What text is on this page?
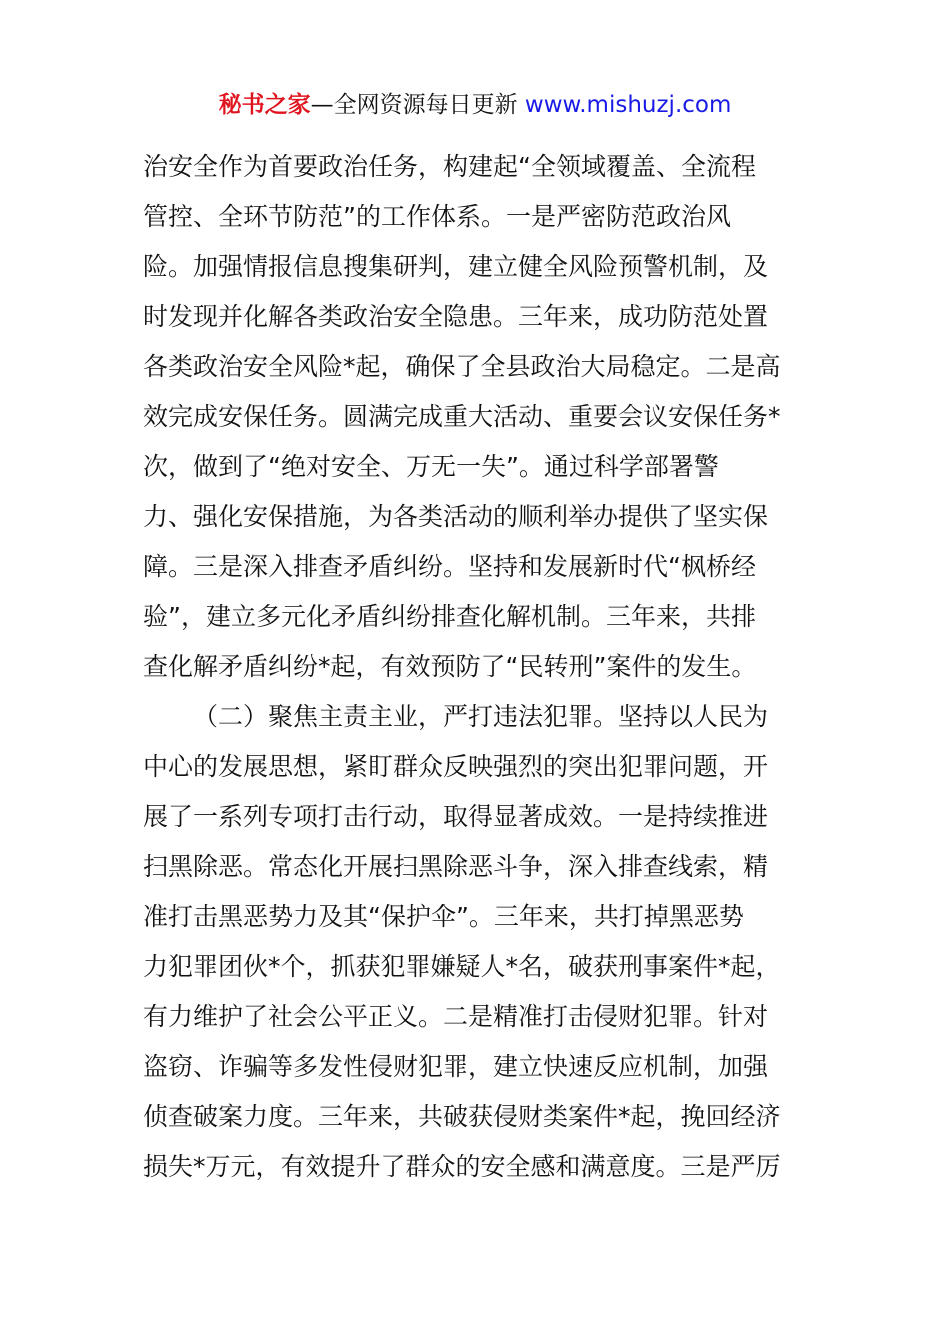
秘书之家—全网资源每日更新 www.mishuzj.com
治安全作为首要政治任务，构建起“全领域覆盖、全流程
管控、全环节防范”的工作体系。一是严密防范政治风
险。加强情报信息搜集研判，建立健全风险预警机制，及
时发现并化解各类政治安全隐患。三年来，成功防范处置
各类政治安全风险*起，确保了全县政治大局稳定。二是高
效完成安保任务。圆满完成重大活动、重要会议安保任务*
次，做到了“绝对安全、万无一失”。通过科学部署警
力、强化安保措施，为各类活动的顺利举办提供了坚实保
障。三是深入排查矛盾纠纷。坚持和发展新时代“枫桥经
验”，建立多元化矛盾纠纷排查化解机制。三年来，共排
查化解矛盾纠纷*起，有效预防了“民转刑”案件的发生。
（二）聚焦主责主业，严打违法犯罪。坚持以人民为
中心的发展思想，紧盯群众反映强烈的突出犯罪问题，开
展了一系列专项打击行动，取得显著成效。一是持续推进
扫黑除恶。常态化开展扫黑除恶斗争，深入排查线索，精
准打击黑恶势力及其“保护伞”。三年来，共打掉黑恶势
力犯罪团伙*个，抓获犯罪嫌疑人*名，破获刑事案件*起，
有力维护了社会公平正义。二是精准打击侵财犯罪。针对
盗窃、诈骗等多发性侵财犯罪，建立快速反应机制，加强
侦查破案力度。三年来，共破获侵财类案件*起，挽回经济
损失*万元，有效提升了群众的安全感和满意度。三是严厉
